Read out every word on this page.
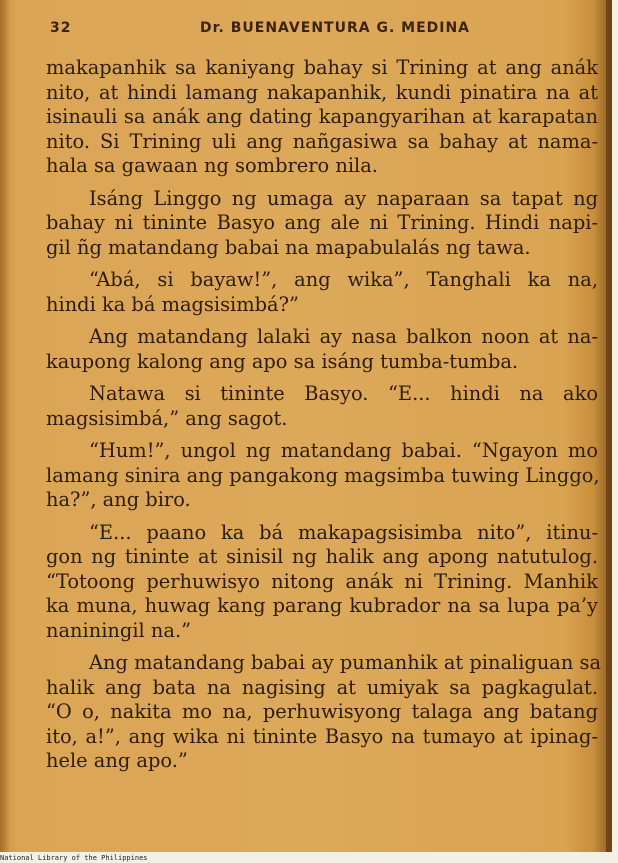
32	Dr. BUENAVENTURA G. MEDINA
makapanhik sa kaniyang bahay si Trining at ang anák
nito, at hindi lamang nakapanhik, kundi pinatira na at
isinauli sa anák ang dating kapangyarihan at karapatan
nito. Si Trining uli ang nañgasiwa sa bahay at nama-
hala sa gawaan ng sombrero nila.
Isáng Linggo ng umaga ay naparaan sa tapat ng
bahay ni tininte Basyo ang ale ni Trining. Hindi napi-
gil ñg matandang babai na mapabulalás ng tawa.
“Abá, si bayaw!”, ang wika”, Tanghali ka na,
hindi ka bá magsisimbá?”
Ang matandang lalaki ay nasa balkon noon at na-
kaupong kalong ang apo sa isáng tumba-tumba.
Natawa si tininte Basyo. “E... hindi na ako
magsisimbá,” ang sagot.
“Hum!”, ungol ng matandang babai. “Ngayon mo
lamang sinira ang pangakong magsimba tuwing Linggo,
ha?”, ang biro.
“E... paano ka bá makapagsisimba nito”, itinu-
gon ng tininte at sinisil ng halik ang apong natutulog.
“Totoong perhuwisyo nitong anák ni Trining. Manhik
ka muna, huwag kang parang kubrador na sa lupa pa’y
naniningil na.”
Ang matandang babai ay pumanhik at pinaliguan sa
halik ang bata na nagising at umiyak sa pagkagulat.
“O o, nakita mo na, perhuwisyong talaga ang batang
ito, a!”, ang wika ni tininte Basyo na tumayo at ipinag-
hele ang apo.”
National Library of the Philippines
